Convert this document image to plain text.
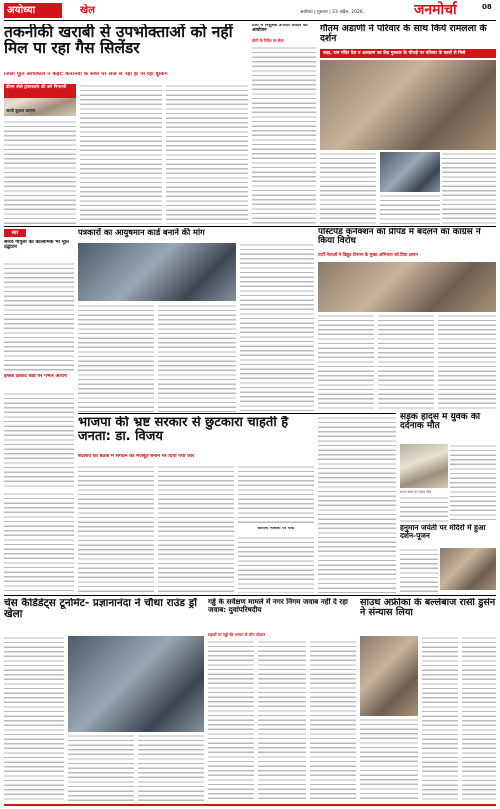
अयोध्या	खेल	अयोध्या | गुरुवार | 23 अप्रैल, 2026	जनमोर्चा	08
तकनीकी खराबी से उपभोक्ताओं को नहीं मिल पा रहा गैस सिलेंडर
जिला पूर्ति अधिकारी ने कहा: कंपनियों के सर्वर पर लोड से नहीं हो पा रही बुकिंग
डीएम बोले ट्रांसफार्मर की करें निगरानी
जल्दी सुधारा जाएगा
तीर्थ में निशुल्क उपचार शिविर का आयोजन
योगी के निर्देश पर सेवा
गौतम अडाणी ने परिवार के साथ किये रामलला के दर्शन
कहा, राम मंदिर देश व अध्यात्म का केंद्र गुरुवार के चौराहे पर परिवार के छात्रों से मिले
सार
सौरव गांगुली की कोलीमिक भी मूर्ति उद्घाटन
इंग्लैंड क्रिकेट बोर्ड पर गंभीर आरोप
पत्रकारों का आयुषमान कार्ड बनाने की मांग	पोस्टपेड कनेक्शन को प्रीपेड में बदलने का कांग्रेस ने किया विरोध
पार्टी नेताओं ने विद्युत विभाग के मुख्य अभियंता को दिया ज्ञापन
सड़क हादसे में युवक की दर्दनाक मौत
घटना स्थल पर एकत्र भीड़
भाजपा की भ्रष्ट सरकार से छुटकारा चाहती है जनता: डा. विजय
बदलाव की बैठक में संगठन को मजबूत बनाने पर दिया गया जोर
कोरोना मामलों पर चर्चा	हनुमान जयंती पर मंदिरों में हुआ दर्शन-पूजन
चेस कैंडिडेट्स टूर्नामेंट- प्रज्ञानानंदा ने चौथा राउंड ड्रॉ खेला
गड्ढे के सर्वेक्षण मामले में नगर निगम जवाब नहीं दे रहा जवाब: युवांपरिषदीय
सड़कों पर गड्ढों की भरमार से लोग परेशान
साउथ अफ्रीका के बल्लेबाज रासी डुसेन ने संन्यास लिया
